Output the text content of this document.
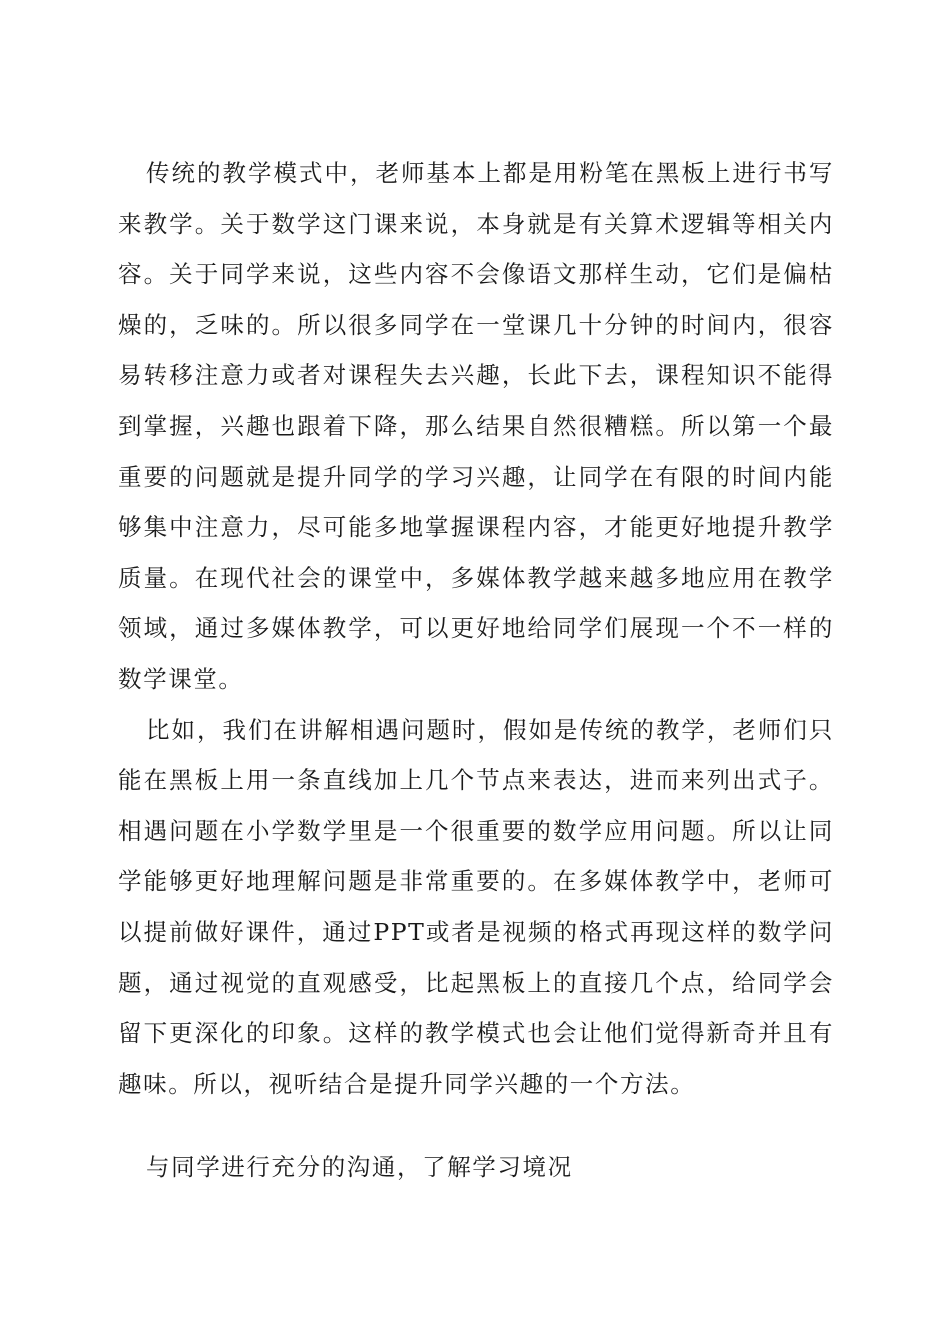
传统的教学模式中，老师基本上都是用粉笔在黑板上进行书写来教学。关于数学这门课来说，本身就是有关算术逻辑等相关内容。关于同学来说，这些内容不会像语文那样生动，它们是偏枯燥的，乏味的。所以很多同学在一堂课几十分钟的时间内，很容易转移注意力或者对课程失去兴趣，长此下去，课程知识不能得到掌握，兴趣也跟着下降，那么结果自然很糟糕。所以第一个最重要的问题就是提升同学的学习兴趣，让同学在有限的时间内能够集中注意力，尽可能多地掌握课程内容，才能更好地提升教学质量。在现代社会的课堂中，多媒体教学越来越多地应用在教学领域，通过多媒体教学，可以更好地给同学们展现一个不一样的数学课堂。

比如，我们在讲解相遇问题时，假如是传统的教学，老师们只能在黑板上用一条直线加上几个节点来表达，进而来列出式子。相遇问题在小学数学里是一个很重要的数学应用问题。所以让同学能够更好地理解问题是非常重要的。在多媒体教学中，老师可以提前做好课件，通过PPT或者是视频的格式再现这样的数学问题，通过视觉的直观感受，比起黑板上的直接几个点，给同学会留下更深化的印象。这样的教学模式也会让他们觉得新奇并且有趣味。所以，视听结合是提升同学兴趣的一个方法。

与同学进行充分的沟通，了解学习境况
